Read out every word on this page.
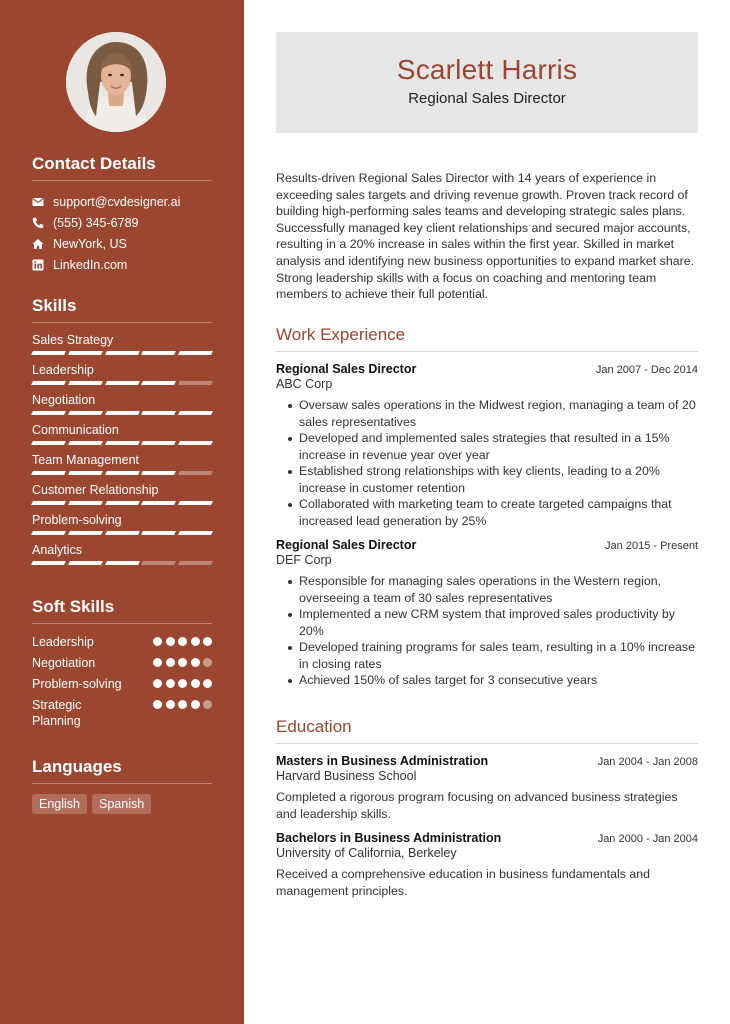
Contact Details
support@cvdesigner.ai
(555) 345-6789
NewYork, US
LinkedIn.com
Skills
Sales Strategy
Leadership
Negotiation
Communication
Team Management
Customer Relationship
Problem-solving
Analytics
Soft Skills
Leadership
Negotiation
Problem-solving
Strategic Planning
Languages
English	Spanish
Scarlett Harris
Regional Sales Director

Results-driven Regional Sales Director with 14 years of experience in exceeding sales targets and driving revenue growth. Proven track record of building high-performing sales teams and developing strategic sales plans. Successfully managed key client relationships and secured major accounts, resulting in a 20% increase in sales within the first year. Skilled in market analysis and identifying new business opportunities to expand market share. Strong leadership skills with a focus on coaching and mentoring team members to achieve their full potential.

Work Experience
Regional Sales Director	Jan 2007 - Dec 2014
ABC Corp
Oversaw sales operations in the Midwest region, managing a team of 20 sales representatives
Developed and implemented sales strategies that resulted in a 15% increase in revenue year over year
Established strong relationships with key clients, leading to a 20% increase in customer retention
Collaborated with marketing team to create targeted campaigns that increased lead generation by 25%
Regional Sales Director	Jan 2015 - Present
DEF Corp
Responsible for managing sales operations in the Western region, overseeing a team of 30 sales representatives
Implemented a new CRM system that improved sales productivity by 20%
Developed training programs for sales team, resulting in a 10% increase in closing rates
Achieved 150% of sales target for 3 consecutive years
Education
Masters in Business Administration	Jan 2004 - Jan 2008
Harvard Business School

Completed a rigorous program focusing on advanced business strategies and leadership skills.

Bachelors in Business Administration	Jan 2000 - Jan 2004
University of California, Berkeley

Received a comprehensive education in business fundamentals and management principles.
